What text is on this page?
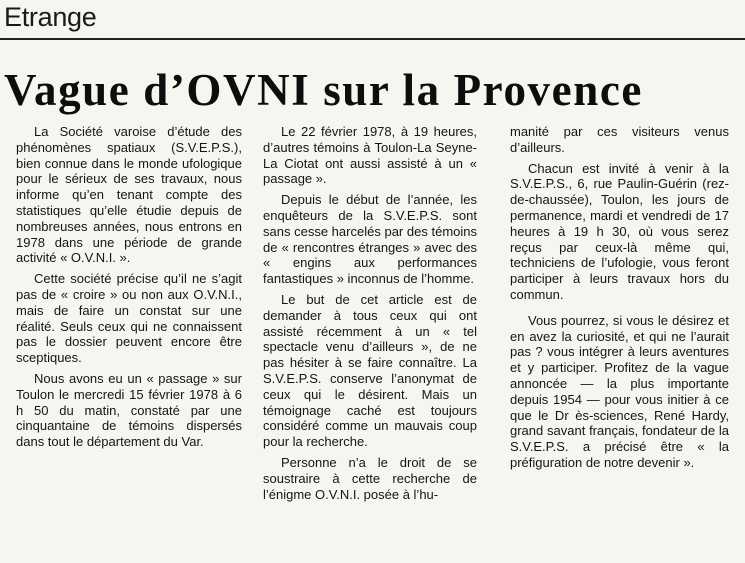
Etrange
Vague d’OVNI sur la Provence

La Société varoise d’étude des phénomènes spatiaux (S.V.E.P.S.), bien connue dans le monde ufologique pour le sérieux de ses travaux, nous informe qu’en tenant compte des statistiques qu’elle étudie depuis de nombreuses années, nous entrons en 1978 dans une période de grande activité « O.V.N.I. ».

Cette société précise qu’il ne s’agit pas de « croire » ou non aux O.V.N.I., mais de faire un constat sur une réalité. Seuls ceux qui ne connaissent pas le dossier peuvent encore être sceptiques.

Nous avons eu un « passage » sur Toulon le mercredi 15 février 1978 à 6 h 50 du matin, constaté par une cinquantaine de témoins dispersés dans tout le département du Var.

Le 22 février 1978, à 19 heures, d’autres témoins à Toulon-La Seyne-La Ciotat ont aussi assisté à un « passage ».

Depuis le début de l’année, les enquêteurs de la S.V.E.P.S. sont sans cesse harcelés par des témoins de « rencontres étranges » avec des « engins aux performances fantastiques » inconnus de l’homme.

Le but de cet article est de demander à tous ceux qui ont assisté récemment à un « tel spectacle venu d’ailleurs », de ne pas hésiter à se faire connaître. La S.V.E.P.S. conserve l’anonymat de ceux qui le désirent. Mais un témoignage caché est toujours considéré comme un mauvais coup pour la recherche.

Personne n’a le droit de se soustraire à cette recherche de l’énigme O.V.N.I. posée à l’hu-

manité par ces visiteurs venus d’ailleurs.

Chacun est invité à venir à la S.V.E.P.S., 6, rue Paulin-Guérin (rez-de-chaussée), Toulon, les jours de permanence, mardi et vendredi de 17 heures à 19 h 30, où vous serez reçus par ceux-là même qui, techniciens de l’ufologie, vous feront participer à leurs travaux hors du commun.

Vous pourrez, si vous le désirez et en avez la curiosité, et qui ne l’aurait pas ? vous intégrer à leurs aventures et y participer. Profitez de la vague annoncée — la plus importante depuis 1954 — pour vous initier à ce que le Dr ès-sciences, René Hardy, grand savant français, fondateur de la S.V.E.P.S. a précisé être « la préfiguration de notre devenir ».
